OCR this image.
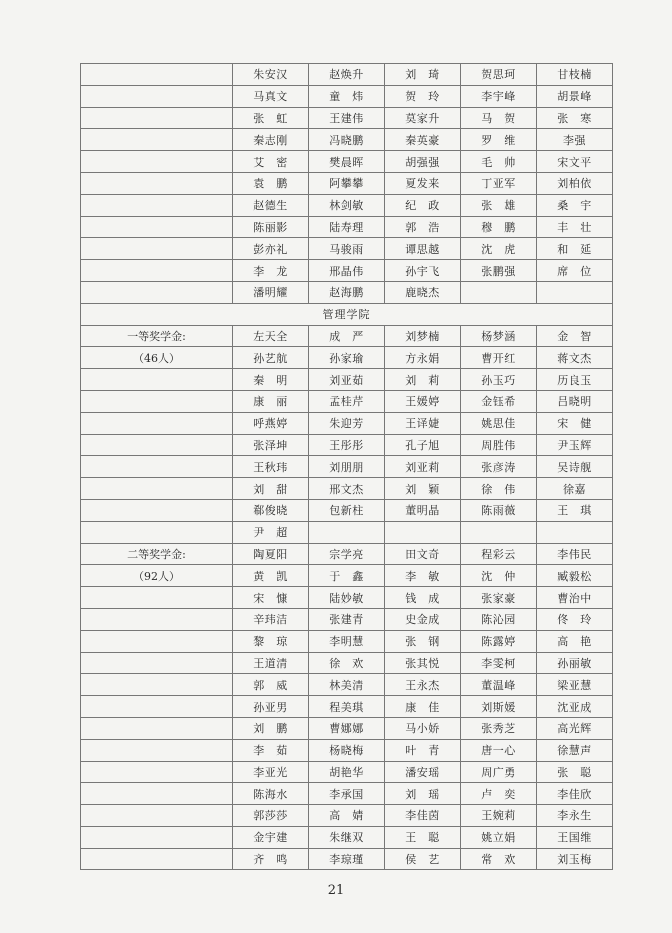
	朱安汉	赵焕升	刘　琦	贺思珂	甘枝楠
	马真文	童　炜	贺　玲	李宇峰	胡景峰
	张　虹	王建伟	莫家升	马　贺	张　寒
	秦志刚	冯晓鹏	秦英豪	罗　维	李强
	艾　密	樊晨晖	胡强强	毛　帅	宋文平
	袁　鹏	阿攀攀	夏发来	丁亚军	刘柏依
	赵德生	林剑敏	纪　政	张　雄	桑　宇
	陈丽影	陆寿理	郭　浩	穆　鹏	丰　壮
	彭亦礼	马骏雨	谭思越	沈　虎	和　延
	李　龙	邢晶伟	孙宇飞	张鹏强	席　位
	潘明耀	赵海鹏	鹿晓杰		
管理学院					
一等奖学金:	左天全	成　严	刘梦楠	杨梦涵	金　智
（46人）	孙艺航	孙家瑜	方永娟	曹开红	蒋文杰
	秦　明	刘亚茹	刘　莉	孙玉巧	历良玉
	康　丽	孟桂芹	王媛婷	金钰希	吕晓明
	呼燕婷	朱迎芳	王译婕	姚思佳	宋　健
	张泽坤	王彤彤	孔子旭	周胜伟	尹玉辉
	王秋玮	刘朋朋	刘亚莉	张彦涛	吴诗舰
	刘　甜	邢文杰	刘　颖	徐　伟	徐嘉
	郗俊晓	包新柱	董明晶	陈雨薇	王　琪
	尹　超				
二等奖学金:	陶夏阳	宗学亮	田文奇	程彩云	李伟民
（92人）	黄　凯	于　鑫	李　敏	沈　仲	臧毅松
	宋　慷	陆妙敏	钱　成	张家豪	曹治中
	辛玮洁	张建青	史金成	陈沁园	佟　玲
	黎　琼	李明慧	张　钢	陈露婷	高　艳
	王道清	徐　欢	张其悦	李雯柯	孙丽敏
	郭　威	林美清	王永杰	董温峰	梁亚慧
	孙亚男	程美琪	康　佳	刘斯媛	沈亚成
	刘　鹏	曹娜娜	马小娇	张秀芝	高光辉
	李　茹	杨晓梅	叶　青	唐一心	徐慧声
	李亚光	胡艳华	潘安瑶	周广勇	张　聪
	陈海水	李承国	刘　瑶	卢　奕	李佳欣
	郭莎莎	高　婧	李佳茵	王婉莉	李永生
	金宇建	朱继双	王　聪	姚立娟	王国维
	齐　鸣	李琼瑾	侯　艺	常　欢	刘玉梅
21
